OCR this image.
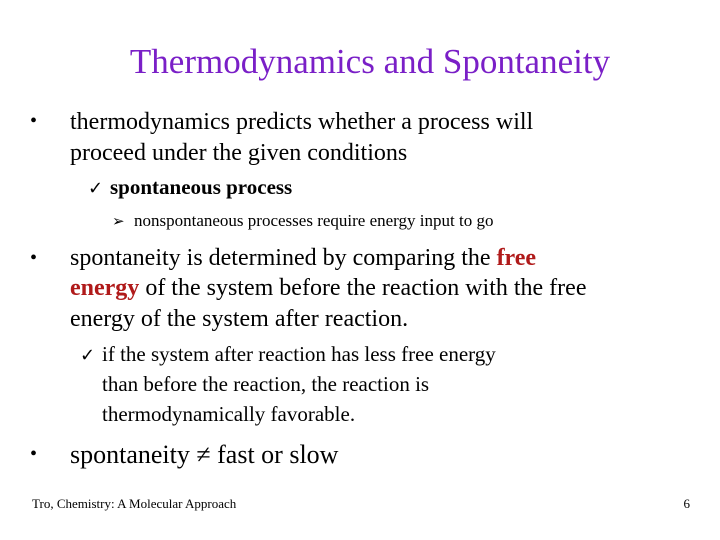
Thermodynamics and Spontaneity
• thermodynamics predicts whether a process will
proceed under the given conditions
✓ spontaneous process
➢ nonspontaneous processes require energy input to go
• spontaneity is determined by comparing the free
energy of the system before the reaction with the free
energy of the system after reaction.
✓ if the system after reaction has less free energy
than before the reaction, the reaction is
thermodynamically favorable.
• spontaneity ≠ fast or slow
Tro, Chemistry: A Molecular Approach	6
